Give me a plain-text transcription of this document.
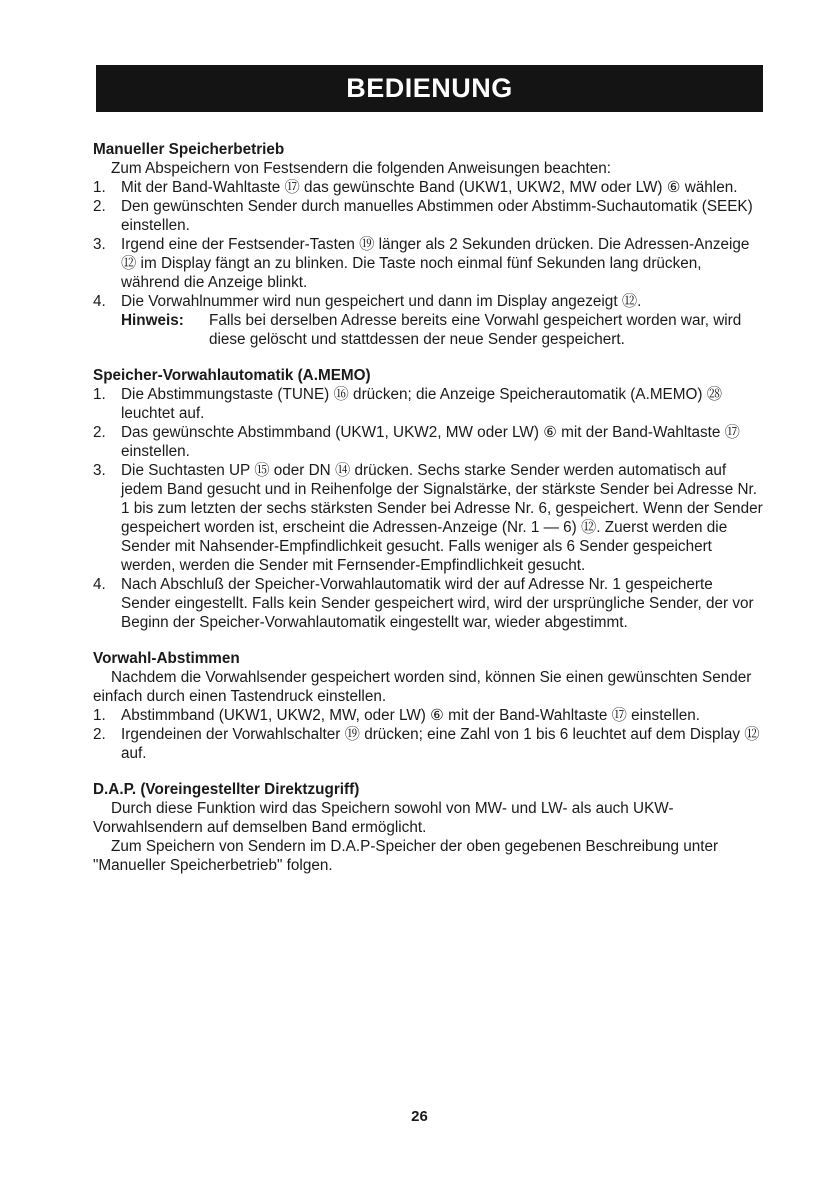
BEDIENUNG

Manueller Speicherbetrieb

Zum Abspeichern von Festsendern die folgenden Anweisungen beachten:
1. Mit der Band-Wahltaste ⑰ das gewünschte Band (UKW1, UKW2, MW oder LW) ⑥ wählen.
2. Den gewünschten Sender durch manuelles Abstimmen oder Abstimm-Suchautomatik (SEEK) einstellen.
3. Irgend eine der Festsender-Tasten ⑲ länger als 2 Sekunden drücken. Die Adressen-Anzeige ⑫ im Display fängt an zu blinken. Die Taste noch einmal fünf Sekunden lang drücken, während die Anzeige blinkt.
4. Die Vorwahlnummer wird nun gespeichert und dann im Display angezeigt ⑫.
Hinweis:	Falls bei derselben Adresse bereits eine Vorwahl gespeichert worden war, wird diese gelöscht und stattdessen der neue Sender gespeichert.

Speicher-Vorwahlautomatik (A.MEMO)

1. Die Abstimmungstaste (TUNE) ⑯ drücken; die Anzeige Speicherautomatik (A.MEMO) ㉘ leuchtet auf.
2. Das gewünschte Abstimmband (UKW1, UKW2, MW oder LW) ⑥ mit der Band-Wahltaste ⑰ einstellen.
3. Die Suchtasten UP ⑮ oder DN ⑭ drücken. Sechs starke Sender werden automatisch auf jedem Band gesucht und in Reihenfolge der Signalstärke, der stärkste Sender bei Adresse Nr. 1 bis zum letzten der sechs stärksten Sender bei Adresse Nr. 6, gespeichert. Wenn der Sender gespeichert worden ist, erscheint die Adressen-Anzeige (Nr. 1 — 6) ⑫. Zuerst werden die Sender mit Nahsender-Empfindlichkeit gesucht. Falls weniger als 6 Sender gespeichert werden, werden die Sender mit Fernsender-Empfindlichkeit gesucht.
4. Nach Abschluß der Speicher-Vorwahlautomatik wird der auf Adresse Nr. 1 gespeicherte Sender eingestellt. Falls kein Sender gespeichert wird, wird der ursprüngliche Sender, der vor Beginn der Speicher-Vorwahlautomatik eingestellt war, wieder abgestimmt.

Vorwahl-Abstimmen

Nachdem die Vorwahlsender gespeichert worden sind, können Sie einen gewünschten Sender einfach durch einen Tastendruck einstellen.
1. Abstimmband (UKW1, UKW2, MW, oder LW) ⑥ mit der Band-Wahltaste ⑰ einstellen.
2. Irgendeinen der Vorwahlschalter ⑲ drücken; eine Zahl von 1 bis 6 leuchtet auf dem Display ⑫ auf.

D.A.P. (Voreingestellter Direktzugriff)

Durch diese Funktion wird das Speichern sowohl von MW- und LW- als auch UKW-Vorwahlsendern auf demselben Band ermöglicht.
Zum Speichern von Sendern im D.A.P-Speicher der oben gegebenen Beschreibung unter "Manueller Speicherbetrieb" folgen.
26
